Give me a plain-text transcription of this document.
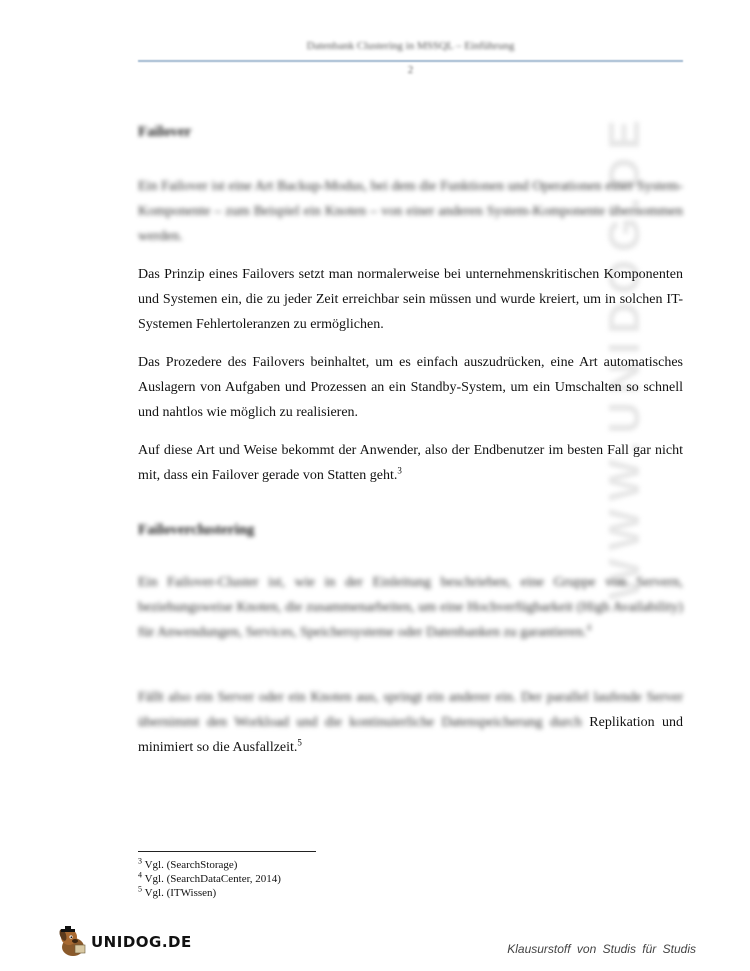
Datenbank Clustering in MSSQL – Einführung
2
WWW.UNIDOG.DE
Failover

Ein Failover ist eine Art Backup-Modus, bei dem die Funktionen und Operationen einer System-Komponente – zum Beispiel ein Knoten – von einer anderen System-Komponente übernommen werden.

Das Prinzip eines Failovers setzt man normalerweise bei unternehmenskritischen Komponenten und Systemen ein, die zu jeder Zeit erreichbar sein müssen und wurde kreiert, um in solchen IT-Systemen Fehlertoleranzen zu ermöglichen.

Das Prozedere des Failovers beinhaltet, um es einfach auszudrücken, eine Art automatisches Auslagern von Aufgaben und Prozessen an ein Standby-System, um ein Umschalten so schnell und nahtlos wie möglich zu realisieren.

Auf diese Art und Weise bekommt der Anwender, also der Endbenutzer im besten Fall gar nicht mit, dass ein Failover gerade von Statten geht.$^3$

Failoverclustering

Ein Failover-Cluster ist, wie in der Einleitung beschrieben, eine Gruppe von Servern, beziehungsweise Knoten, die zusammenarbeiten, um eine Hochverfügbarkeit (High Availability) für Anwendungen, Services, Speichersysteme oder Datenbanken zu garantieren.$^4$

Fällt also ein Server oder ein Knoten aus, springt ein anderer ein. Der parallel laufende Server übernimmt den Workload und die kontinuierliche Datenspeicherung durch Replikation und minimiert so die Ausfallzeit.$^5$

$^3$ Vgl. (SearchStorage)
$^4$ Vgl. (SearchDataCenter, 2014)
$^5$ Vgl. (ITWissen)
UNIDOG.DE	Klausurstoff von Studis für Studis
